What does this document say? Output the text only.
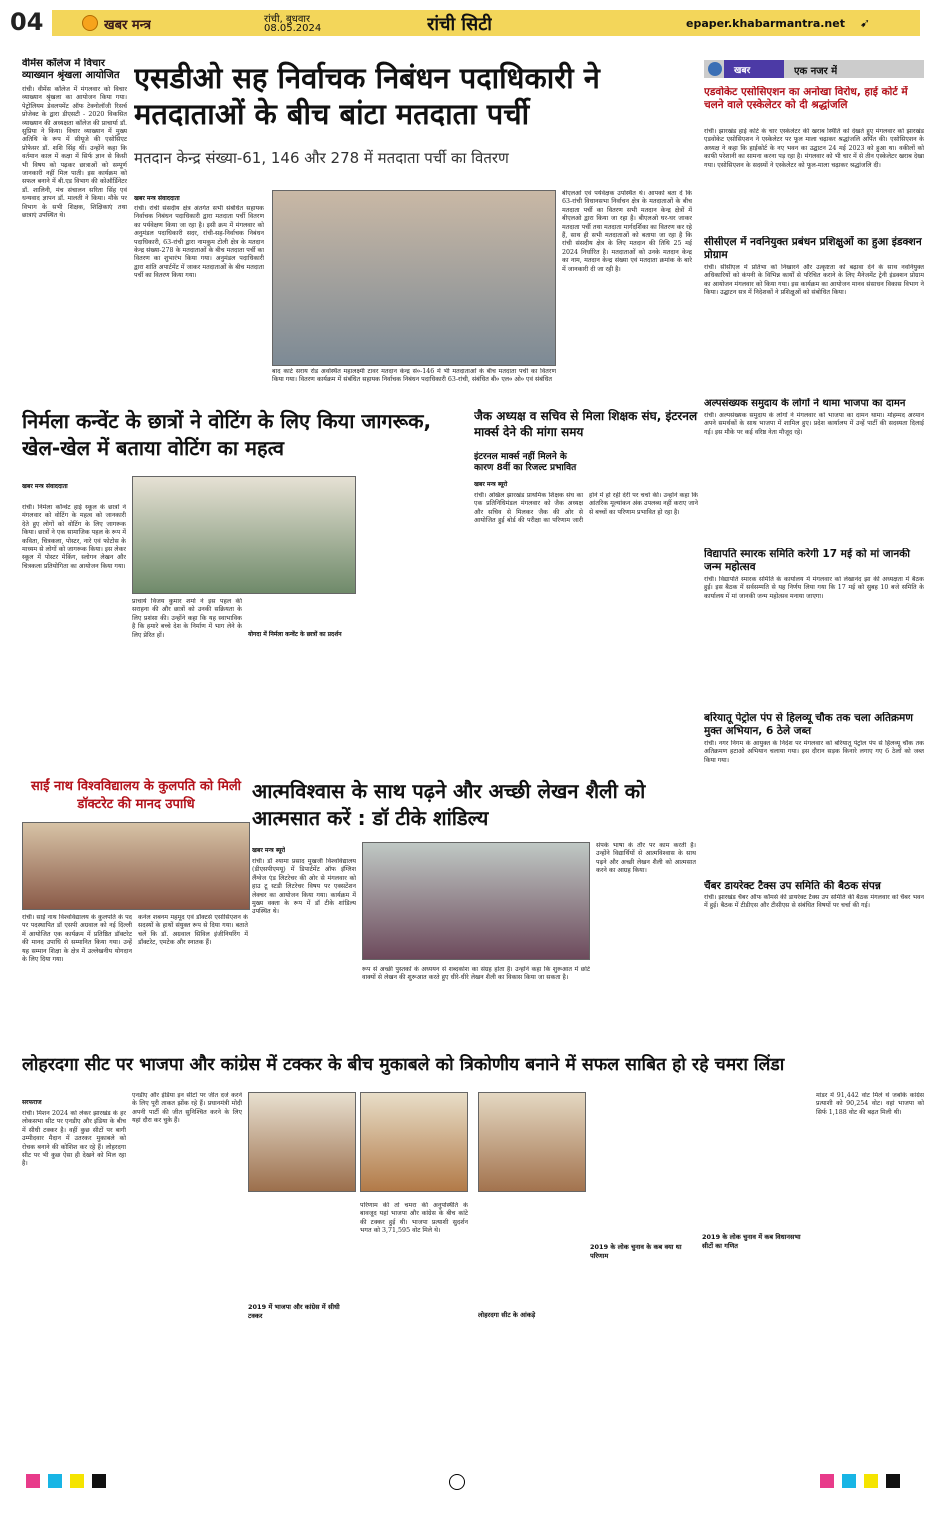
04	खबर मन्त्र	रांची, बुधवार
08.05.2024	रांची सिटी	epaper.khabarmantra.net ➹
वीमेंस कॉलेज में विचार व्याख्यान श्रृंखला आयोजित
रांची। वीमेंस कॉलेज में मंगलवार को विचार व्याख्यान श्रृंखला का आयोजन किया गया। पेट्रोलियम डेवलपमेंट ऑफ टेक्नोलॉजी रिसर्च प्रोजेक्ट के द्वारा डीएसटी - 2020 विकसित व्याख्यान की अध्यक्षता कॉलेज की प्राचार्या डॉ. सुप्रिया ने किया। विचार व्याख्यान में मुख्य अतिथि के रूप में सीयूजे की एसोसिएट प्रोफेसर डॉ. शशि सिंह थीं। उन्होंने कहा कि वर्तमान काल में कक्षा में सिर्फ ज्ञान से किसी भी विषय को पढ़कर छात्राओं को सम्पूर्ण जानकारी नहीं मिल पाती। इस कार्यक्रम को सफल बनाने में बी.एड विभाग की कोऑर्डिनेटर डॉ. शालिनी, मंच संचालन सरिता सिंह एवं धन्यवाद ज्ञापन डॉ. मालती ने किया। मौके पर विभाग के सभी शिक्षक, शिक्षिकाएं तथा छात्राएं उपस्थित थे।
एसडीओ सह निर्वाचक निबंधन पदाधिकारी ने मतदाताओं के बीच बांटा मतदाता पर्ची
मतदान केन्द्र संख्या-61, 146 और 278 में मतदाता पर्ची का वितरण
खबर मन्त्र संवाददाता
रांची। रांची संसदीय क्षेत्र अंतर्गत सभी संबंधित सहायक निर्वाचक निबंधन पदाधिकारी द्वारा मतदाता पर्ची वितरण का पर्यवेक्षण किया जा रहा है। इसी क्रम में मंगलवार को अनुमंडल पदाधिकारी सदर, रांची-सह-निर्वाचक निबंधन पदाधिकारी, 63-रांची द्वारा नामकुम टोली क्षेत्र के मतदान केन्द्र संख्या-278 के मतदाताओं के बीच मतदाता पर्ची का वितरण का शुभारंभ किया गया। अनुमंडल पदाधिकारी द्वारा शांति अपार्टमेंट में जाकर मतदाताओं के बीच मतदाता पर्ची का वितरण किया गया।
बाद कार्ट सराय रोड अवस्थित महालक्ष्मी टावर मतदान केन्द्र सं०-146 में भी मतदाताओं के बीच मतदाता पर्ची का वितरण किया गया। वितरण कार्यक्रम में संबंधित सहायक निर्वाचक निबंधन पदाधिकारी 63-रांची, संबंधित बी० एल० ओ० एवं संबंधित
बीएलओ एवं पर्यवेक्षक उपस्थित थे। आपको बता दें कि 63-रांची विधानसभा निर्वाचन क्षेत्र के मतदाताओं के बीच मतदाता पर्ची का वितरण सभी मतदान केन्द्र क्षेत्रों में बीएलओ द्वारा किया जा रहा है। बीएलओ घर-घर जाकर मतदाता पर्ची तथा मतदाता मार्गदर्शिका का वितरण कर रहे हैं, साथ ही सभी मतदाताओं को बताया जा रहा है कि रांची संसदीय क्षेत्र के लिए मतदान की तिथि 25 मई 2024 निर्धारित है। मतदाताओं को उनके मतदान केन्द्र का नाम, मतदान केन्द्र संख्या एवं मतदाता क्रमांक के बारे में जानकारी दी जा रही है।
खबर	एक नजर में
एडवोकेट एसोसिएशन का अनोखा विरोध, हाई कोर्ट में चलने वाले एस्केलेटर को दी श्रद्धांजलि
रांची। झारखंड हाई कोर्ट के चार एस्केलेटर की खराब स्थिति को देखते हुए मंगलवार को झारखंड एडवोकेट एसोसिएशन ने एस्केलेटर पर फूल माला चढ़ाकर श्रद्धांजलि अर्पित की। एसोसिएशन के अध्यक्ष ने कहा कि हाईकोर्ट के नए भवन का उद्घाटन 24 मई 2023 को हुआ था। वकीलों को काफी परेशानी का सामना करना पड़ रहा है। मंगलवार को भी चार में से तीन एस्केलेटर खराब देखा गया। एसोसिएशन के सदस्यों ने एस्केलेटर को फूल-माला चढ़ाकर श्रद्धांजलि दी।
सीसीएल में नवनियुक्त प्रबंधन प्रशिक्षुओं का हुआ इंडक्शन प्रोग्राम
रांची। सीसीएल में प्रतिभा को निखारने और उत्कृष्टता को बढ़ावा देने के साथ नवनियुक्त अधिकारियों को कंपनी के विभिन्न कार्यों से परिचित कराने के लिए मैनेजमेंट ट्रेनी इंडक्शन प्रोग्राम का आयोजन मंगलवार को किया गया। इस कार्यक्रम का आयोजन मानव संसाधन विकास विभाग ने किया। उद्घाटन सत्र में निदेशकों ने प्रशिक्षुओं को संबोधित किया।
अल्पसंख्यक समुदाय के लोगों ने थामा भाजपा का दामन
रांची। अल्पसंख्यक समुदाय के लोगों ने मंगलवार को भाजपा का दामन थामा। मोहम्मद अरमान अपने समर्थकों के साथ भाजपा में शामिल हुए। प्रदेश कार्यालय में उन्हें पार्टी की सदस्यता दिलाई गई। इस मौके पर कई वरिष्ठ नेता मौजूद रहे।
विद्यापति स्मारक समिति करेगी 17 मई को मां जानकी जन्म महोत्सव
रांची। विद्यापति स्मारक समिति के कार्यालय में मंगलवार को लेखानंद झा की अध्यक्षता में बैठक हुई। इस बैठक में सर्वसम्मति से यह निर्णय लिया गया कि 17 मई को सुबह 10 बजे समिति के कार्यालय में मां जानकी जन्म महोत्सव मनाया जाएगा।
बरियातू पेट्रोल पंप से हिलव्यू चौक तक चला अतिक्रमण मुक्त अभियान, 6 ठेले जब्त
रांची। नगर निगम के आयुक्त के निर्देश पर मंगलवार को बरियातू पेट्रोल पंप से हिलव्यू चौक तक अतिक्रमण हटाओ अभियान चलाया गया। इस दौरान सड़क किनारे लगाए गए 6 ठेलों को जब्त किया गया।
चैंबर डायरेक्ट टैक्स उप समिति की बैठक संपन्न
रांची। झारखंड चैंबर ऑफ कॉमर्स की डायरेक्ट टैक्स उप समिति की बैठक मंगलवार को चैंबर भवन में हुई। बैठक में टीडीएस और टीसीएस से संबंधित विषयों पर चर्चा की गई।
निर्मला कन्वेंट के छात्रों ने वोटिंग के लिए किया जागरूक, खेल-खेल में बताया वोटिंग का महत्व
खबर मन्त्र संवाददाता
रांची। निर्मला कॉन्वेंट हाई स्कूल के छात्रों ने मंगलवार को वोटिंग के महत्व को जानकारी देते हुए लोगों को वोटिंग के लिए जागरूक किया। छात्रों ने एक सामाजिक पहल के रूप में कविता, चित्रकला, पोस्टर, नारे एवं फोटोस के माध्यम से लोगों को जागरूक किया। इस लेकर स्कूल में पोस्टर मेकिंग, स्लोगन लेखन और चित्रकला प्रतियोगिता का आयोजन किया गया।
प्राचार्य विजय कुमार शर्मा ने इस पहल की सराहना की और छात्रों को उनकी सक्रियता के लिए प्रशंसा की। उन्होंने कहा कि यह स्वाभाविक है कि हमारे बच्चे देश के निर्माण में भाग लेने के लिए प्रेरित हों।	योगदा में निर्मला कन्वेंट के छात्रों का प्रदर्शन
जैक अध्यक्ष व सचिव से मिला शिक्षक संघ, इंटरनल मार्क्स देने की मांगा समय
इंटरनल मार्क्स नहीं मिलने के कारण 8वीं का रिजल्ट प्रभावित
खबर मन्त्र ब्यूरो
रांची। अखिल झारखंड प्राथमिक शिक्षक संघ का एक प्रतिनिधिमंडल मंगलवार को जैक अध्यक्ष और सचिव से मिलकर जैक की ओर से आयोजित हुई बोर्ड की परीक्षा का परिणाम जारी होने में हो रही देरी पर चर्चा की। उन्होंने कहा कि आंतरिक मूल्यांकन अंक उपलब्ध नहीं कराए जाने से बच्चों का परिणाम प्रभावित हो रहा है।
साईं नाथ विश्वविद्यालय के कुलपति को मिली डॉक्टरेट की मानद उपाधि
रांची। साईं नाथ विश्वविद्यालय के कुलपति के पद पर पदस्थापित डॉ एसपी अग्रवाल को नई दिल्ली में आयोजित एक कार्यक्रम में प्रतिष्ठित डॉक्टरेट की मानद उपाधि से सम्मानित किया गया। उन्हें यह सम्मान शिक्षा के क्षेत्र में उल्लेखनीय योगदान के लिए दिया गया।
कर्नल शबनम महमूद एवं डॉक्टर्स एसोसिएशन के सदस्यों के हाथों संयुक्त रूप से दिया गया। बताते चलें कि डॉ. अग्रवाल सिविल इंजीनियरिंग में डॉक्टरेट, एमटेक और स्नातक हैं।
आत्मविश्वास के साथ पढ़ने और अच्छी लेखन शैली को आत्मसात करें : डॉ टीके शांडिल्य
खबर मन्त्र ब्यूरो
रांची। डॉ श्यामा प्रसाद मुखर्जी विश्वविद्यालय (डीएसपीएमयू) में डिपार्टमेंट ऑफ इंग्लिश लैंग्वेज एंड लिटरेचर की ओर से मंगलवार को हाउ टू स्टडी लिटरेचर विषय पर एक्सटेंशन लेक्चर का आयोजन किया गया। कार्यक्रम में मुख्य वक्ता के रूप में डॉ टीके शांडिल्य उपस्थित थे।
रूप से अच्छी पुस्तकों के अध्ययन से शब्दकोश का संग्रह होता है। उन्होंने कहा कि शुरूआत में छोटे वाक्यों से लेखन की शुरूआत करते हुए धीरे-धीरे लेखन शैली का विकास किया जा सकता है।
संपर्क भाषा के तौर पर काम करती है। उन्होंने विद्यार्थियों से आत्मविश्वास के साथ पढ़ने और अच्छी लेखन शैली को आत्मसात करने का आग्रह किया।
लोहरदगा सीट पर भाजपा और कांग्रेस में टक्कर के बीच मुकाबले को त्रिकोणीय बनाने में सफल साबित हो रहे चमरा लिंडा
सरफराज
रांची। मिशन 2024 को लेकर झारखंड के हर लोकसभा सीट पर एनडीए और इंडिया के बीच में सीधी टक्कर है। वहीं कुछ सीटों पर बागी उम्मीदवार मैदान में उतरकर मुकाबले को रोचक बनाने की कोशिश कर रहे हैं। लोहरदगा सीट पर भी कुछ ऐसा ही देखने को मिल रहा है।
एनडीए और इंडिया इन सीटों पर जीत दर्ज करने के लिए पूरी ताकत झोंक रहे हैं। प्रधानमंत्री मोदी अपनी पार्टी की जीत सुनिश्चित करने के लिए यहां दौरा कर चुके हैं।
2019 में भाजपा और कांग्रेस में सीधी टक्कर
परिणाम की तो चमरा की अनुपस्थिति के बावजूद यहां भाजपा और कांग्रेस के बीच कांटे की टक्कर हुई थी। भाजपा प्रत्याशी सुदर्शन भगत को 3,71,595 वोट मिले थे।
2019 के लोक चुनाव के कब क्या था परिणाम
लोहरदगा सीट के आंकड़े
2019 के लोक चुनाव में कब विधानसभा सीटों का गणित
मांडर में 91,442 वोट मिले थे जबकि कांग्रेस प्रत्याशी को 90,254 वोट। वहां भाजपा को सिर्फ 1,188 वोट की बढ़त मिली थी।
